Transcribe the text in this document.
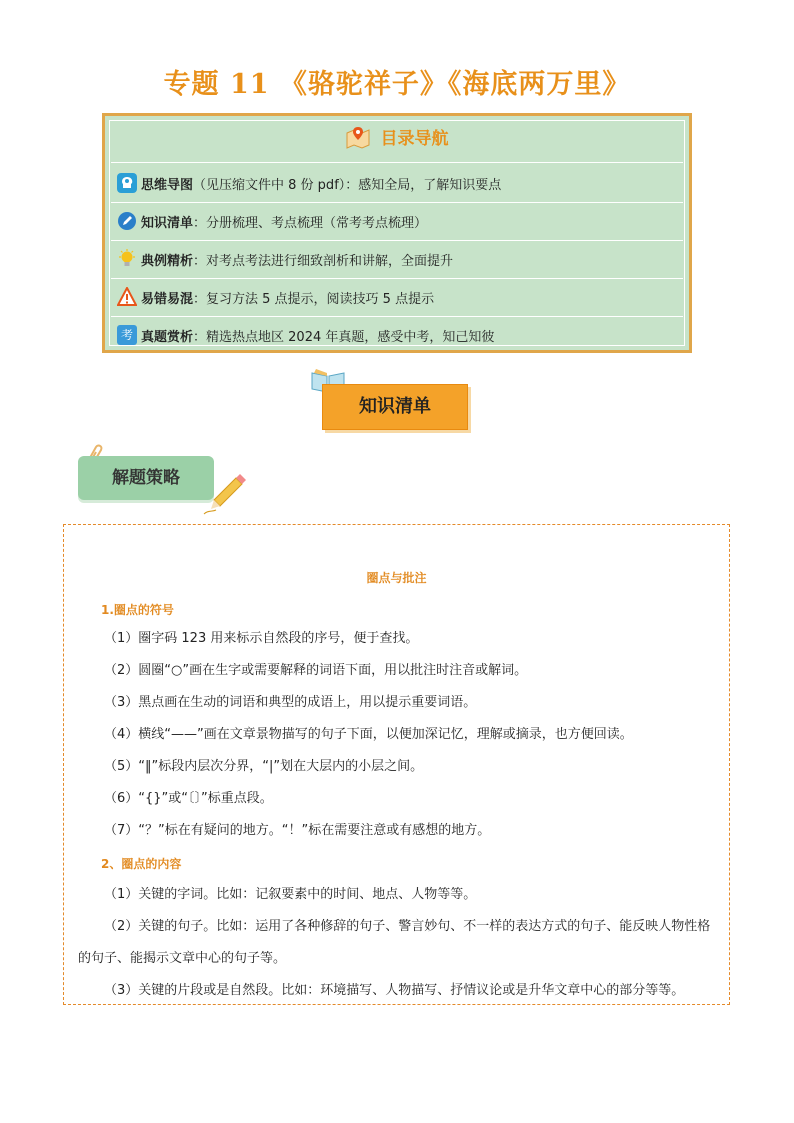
专题 11 《骆驼祥子》《海底两万里》
目录导航
思维导图 （见压缩文件中 8 份 pdf）：感知全局，了解知识要点
知识清单 ：分册梳理、考点梳理（常考考点梳理）
典例精析 ：对考点考法进行细致剖析和讲解，全面提升
易错易混 ：复习方法 5 点提示，阅读技巧 5 点提示
考 真题赏析 ：精选热点地区 2024 年真题，感受中考，知己知彼
知识清单
解题策略
圈点与批注
1.圈点的符号
（1）圈字码 123 用来标示自然段的序号，便于查找。
（2）圆圈“○”画在生字或需要解释的词语下面，用以批注时注音或解词。
（3）黑点画在生动的词语和典型的成语上，用以提示重要词语。
（4）横线“——”画在文章景物描写的句子下面，以便加深记忆，理解或摘录，也方便回读。
（5）“‖”标段内层次分界，“|”划在大层内的小层之间。
（6）“{}”或“〔〕”标重点段。
（7）“？”标在有疑问的地方。“！”标在需要注意或有感想的地方。
2、圈点的内容
（1）关键的字词。比如：记叙要素中的时间、地点、人物等等。
（2）关键的句子。比如：运用了各种修辞的句子、警言妙句、不一样的表达方式的句子、能反映人物性格的句子、能揭示文章中心的句子等。
（3）关键的片段或是自然段。比如：环境描写、人物描写、抒情议论或是升华文章中心的部分等等。
